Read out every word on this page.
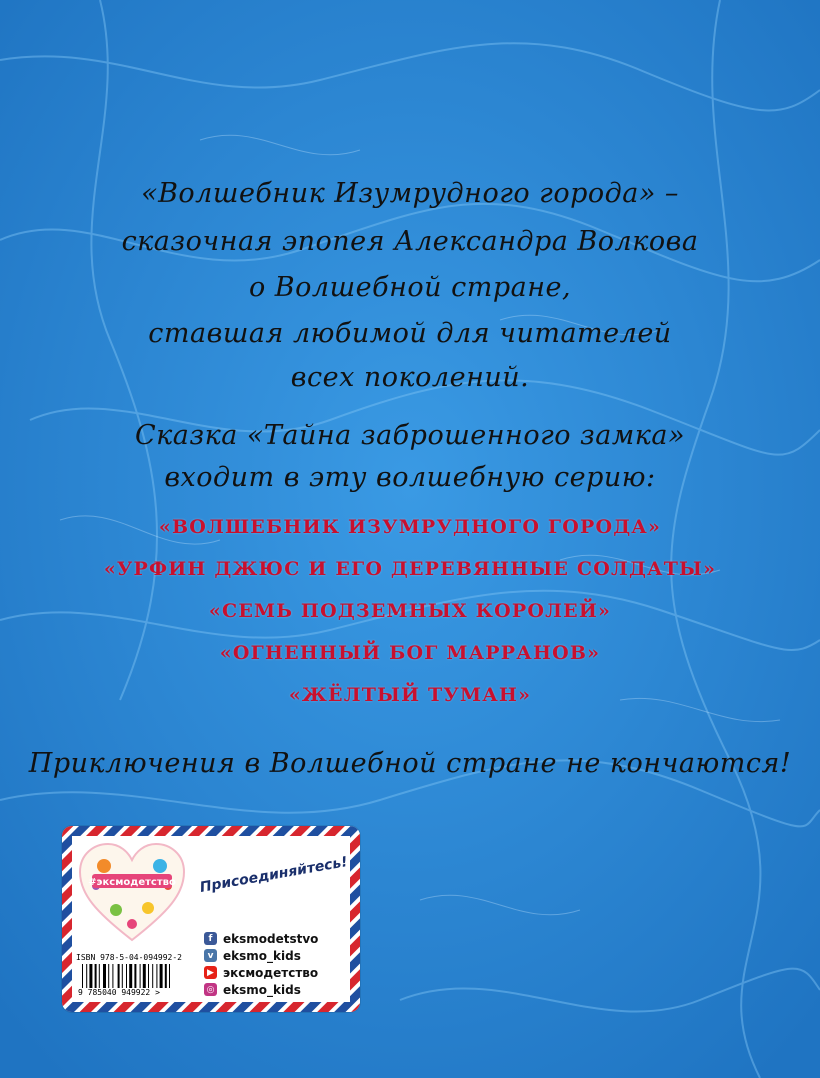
«Волшебник Изумрудного города» –
сказочная эпопея Александра Волкова
о Волшебной стране,
ставшая любимой для читателей
всех поколений.
Сказка «Тайна заброшенного замка»
входит в эту волшебную серию:
«ВОЛШЕБНИК ИЗУМРУДНОГО ГОРОДА»
«УРФИН ДЖЮС И ЕГО ДЕРЕВЯННЫЕ СОЛДАТЫ»
«СЕМЬ ПОДЗЕМНЫХ КОРОЛЕЙ»
«ОГНЕННЫЙ БОГ МАРРАНОВ»
«ЖЁЛТЫЙ ТУМАН»
Приключения в Волшебной стране не кончаются!
#эксмодетство Присоединяйтесь!
ISBN 978-5-04-094992-2
9 785040 949922 >
f eksmodetstvo
v eksmo_kids
▶ эксмодетство
◎ eksmo_kids
